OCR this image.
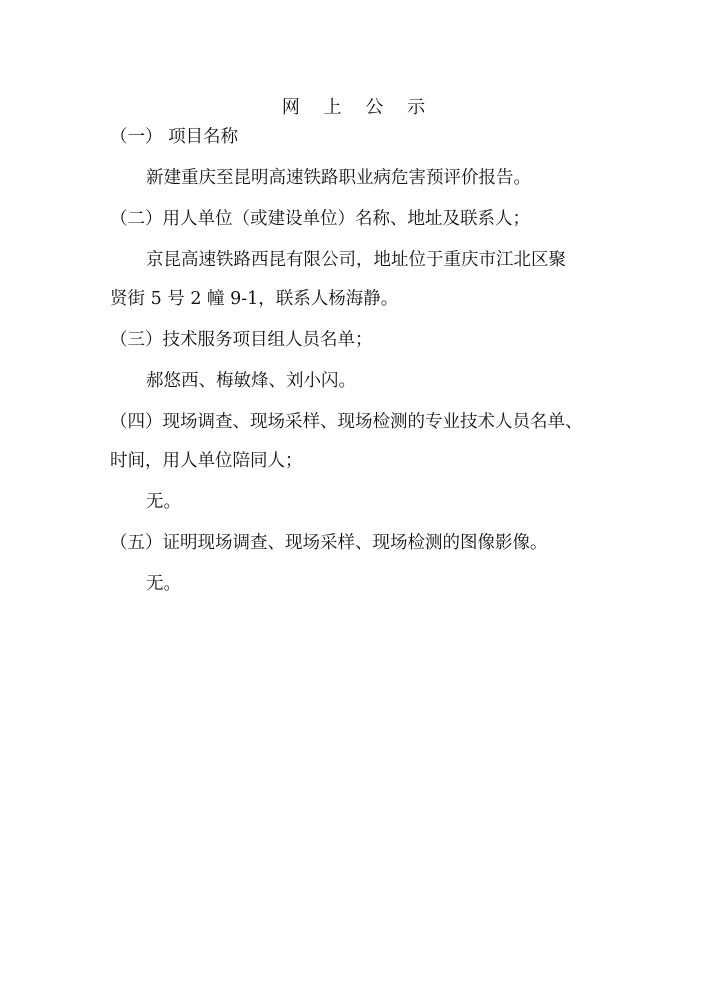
网 上 公 示
（一） 项目名称
新建重庆至昆明高速铁路职业病危害预评价报告。
（二）用人单位（或建设单位）名称、地址及联系人；
京昆高速铁路西昆有限公司，地址位于重庆市江北区聚
贤街 5 号 2 幢 9-1，联系人杨海静。
（三）技术服务项目组人员名单；
郝悠西、梅敏烽、刘小闪。
（四）现场调查、现场采样、现场检测的专业技术人员名单、
时间，用人单位陪同人；
无。
（五）证明现场调查、现场采样、现场检测的图像影像。
无。
